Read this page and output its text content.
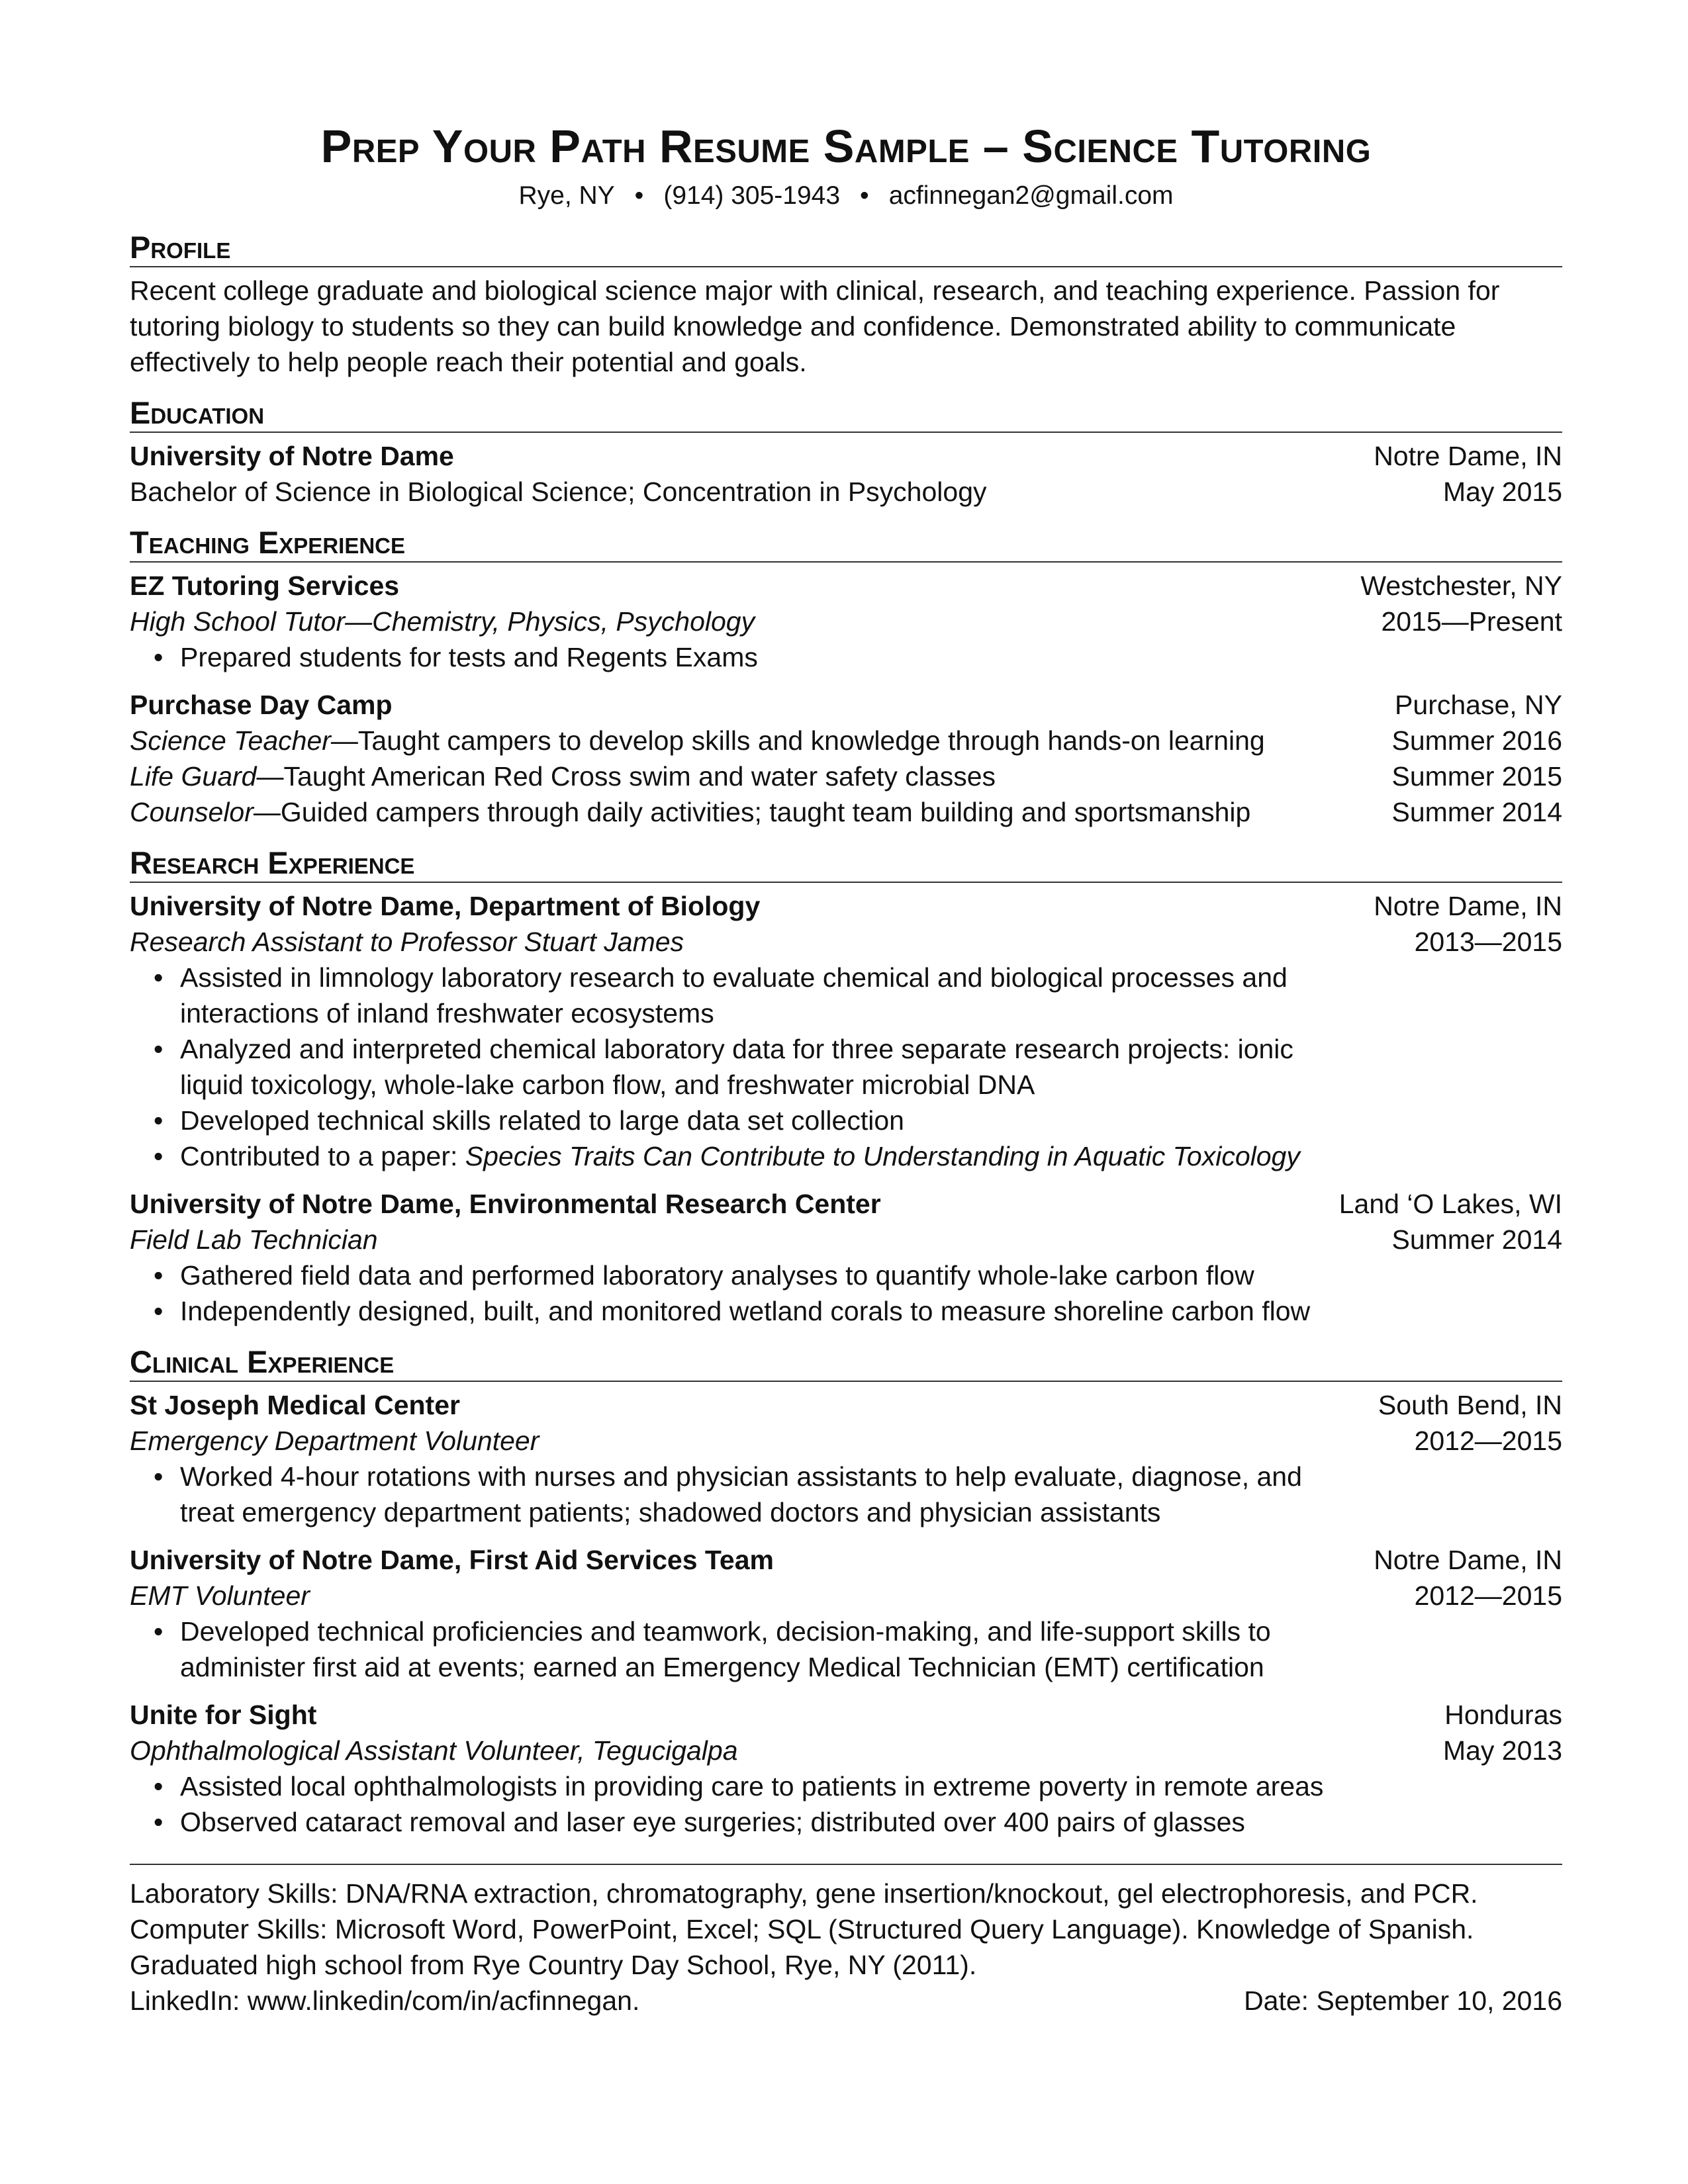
Prep Your Path Resume Sample – Science Tutoring
Rye, NY • (914) 305-1943 • acfinnegan2@gmail.com
Profile
Recent college graduate and biological science major with clinical, research, and teaching experience. Passion for tutoring biology to students so they can build knowledge and confidence. Demonstrated ability to communicate effectively to help people reach their potential and goals.
Education
University of Notre Dame	Notre Dame, IN
Bachelor of Science in Biological Science; Concentration in Psychology	May 2015
Teaching Experience
EZ Tutoring Services	Westchester, NY
High School Tutor—Chemistry, Physics, Psychology	2015—Present
• Prepared students for tests and Regents Exams
Purchase Day Camp	Purchase, NY
Science Teacher—Taught campers to develop skills and knowledge through hands-on learning	Summer 2016
Life Guard—Taught American Red Cross swim and water safety classes	Summer 2015
Counselor—Guided campers through daily activities; taught team building and sportsmanship	Summer 2014
Research Experience
University of Notre Dame, Department of Biology	Notre Dame, IN
Research Assistant to Professor Stuart James	2013—2015
• Assisted in limnology laboratory research to evaluate chemical and biological processes and interactions of inland freshwater ecosystems
• Analyzed and interpreted chemical laboratory data for three separate research projects: ionic liquid toxicology, whole-lake carbon flow, and freshwater microbial DNA
• Developed technical skills related to large data set collection
• Contributed to a paper: Species Traits Can Contribute to Understanding in Aquatic Toxicology
University of Notre Dame, Environmental Research Center	Land ‘O Lakes, WI
Field Lab Technician	Summer 2014
• Gathered field data and performed laboratory analyses to quantify whole-lake carbon flow
• Independently designed, built, and monitored wetland corals to measure shoreline carbon flow
Clinical Experience
St Joseph Medical Center	South Bend, IN
Emergency Department Volunteer	2012—2015
• Worked 4-hour rotations with nurses and physician assistants to help evaluate, diagnose, and treat emergency department patients; shadowed doctors and physician assistants
University of Notre Dame, First Aid Services Team	Notre Dame, IN
EMT Volunteer	2012—2015
• Developed technical proficiencies and teamwork, decision-making, and life-support skills to administer first aid at events; earned an Emergency Medical Technician (EMT) certification
Unite for Sight	Honduras
Ophthalmological Assistant Volunteer, Tegucigalpa	May 2013
• Assisted local ophthalmologists in providing care to patients in extreme poverty in remote areas
• Observed cataract removal and laser eye surgeries; distributed over 400 pairs of glasses
Laboratory Skills: DNA/RNA extraction, chromatography, gene insertion/knockout, gel electrophoresis, and PCR.
Computer Skills: Microsoft Word, PowerPoint, Excel; SQL (Structured Query Language). Knowledge of Spanish.
Graduated high school from Rye Country Day School, Rye, NY (2011).
LinkedIn: www.linkedin/com/in/acfinnegan.	Date: September 10, 2016
